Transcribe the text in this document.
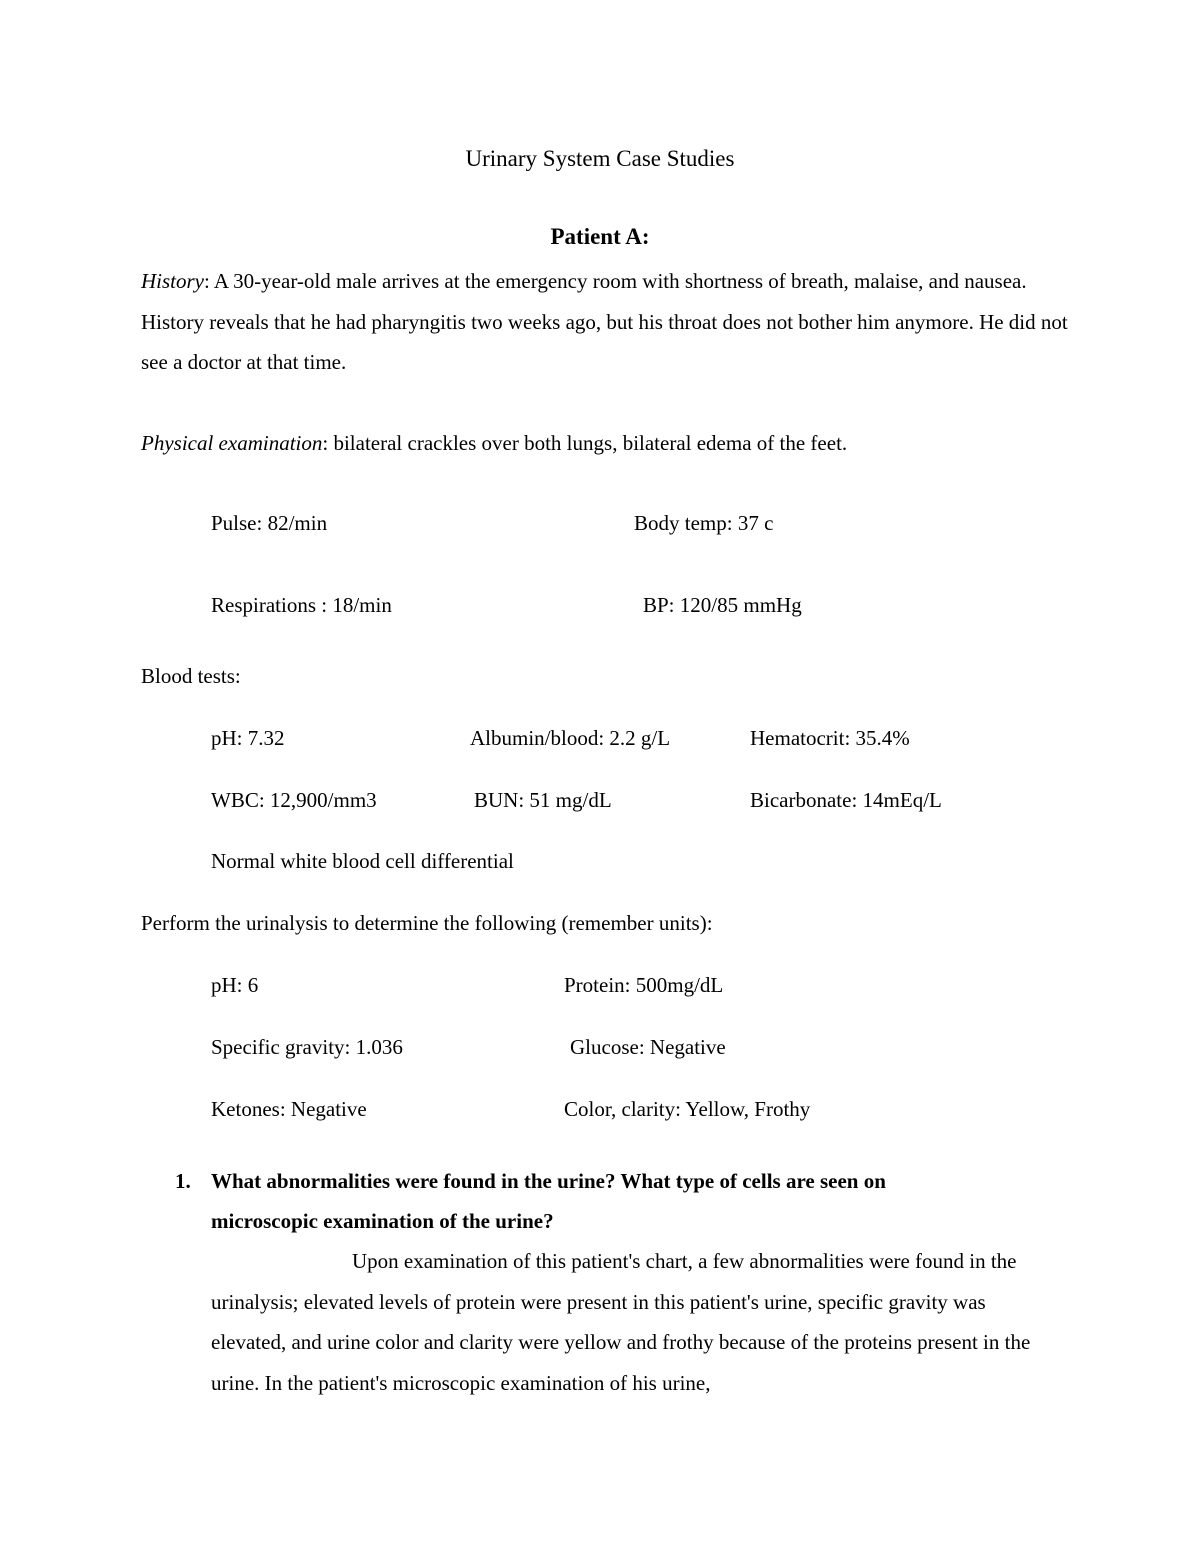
Urinary System Case Studies
Patient A:
History: A 30-year-old male arrives at the emergency room with shortness of breath, malaise, and nausea. History reveals that he had pharyngitis two weeks ago, but his throat does not bother him anymore. He did not see a doctor at that time.
Physical examination: bilateral crackles over both lungs, bilateral edema of the feet.
Pulse: 82/min	Body temp: 37 c
Respirations : 18/min	BP: 120/85 mmHg
Blood tests:
pH: 7.32	Albumin/blood: 2.2 g/L	Hematocrit: 35.4%
WBC: 12,900/mm3	BUN: 51 mg/dL	Bicarbonate: 14mEq/L
Normal white blood cell differential
Perform the urinalysis to determine the following (remember units):
pH: 6	Protein: 500mg/dL
Specific gravity: 1.036	Glucose: Negative
Ketones: Negative	Color, clarity: Yellow, Frothy
1. What abnormalities were found in the urine? What type of cells are seen on
microscopic examination of the urine?
Upon examination of this patient's chart, a few abnormalities were found in the urinalysis; elevated levels of protein were present in this patient's urine, specific gravity was elevated, and urine color and clarity were yellow and frothy because of the proteins present in the urine. In the patient's microscopic examination of his urine,
